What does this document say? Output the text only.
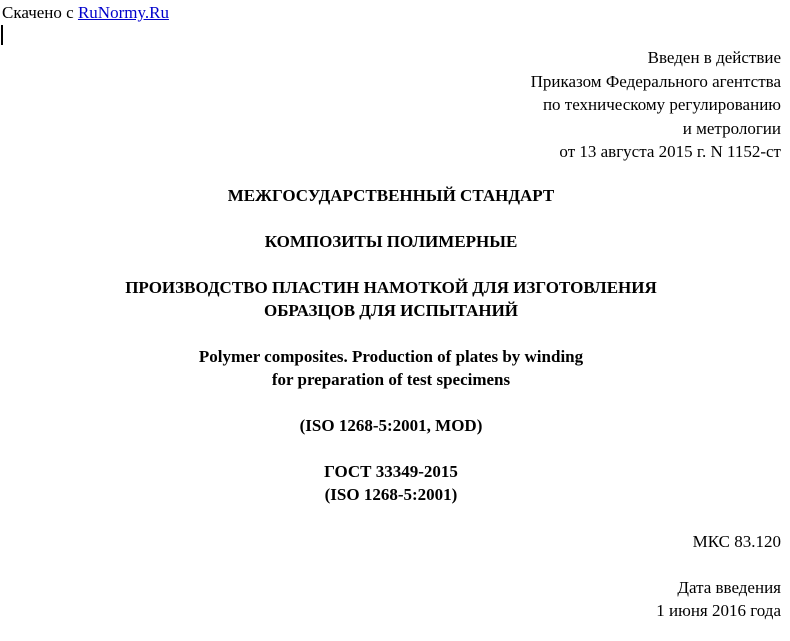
Скачено с RuNormy.Ru
Введен в действие
Приказом Федерального агентства
по техническому регулированию
и метрологии
от 13 августа 2015 г. N 1152-ст
МЕЖГОСУДАРСТВЕННЫЙ СТАНДАРТ
КОМПОЗИТЫ ПОЛИМЕРНЫЕ
ПРОИЗВОДСТВО ПЛАСТИН НАМОТКОЙ ДЛЯ ИЗГОТОВЛЕНИЯ
ОБРАЗЦОВ ДЛЯ ИСПЫТАНИЙ
Polymer composites. Production of plates by winding
for preparation of test specimens
(ISO 1268-5:2001, MOD)
ГОСТ 33349-2015
(ISO 1268-5:2001)
МКС 83.120
Дата введения
1 июня 2016 года
